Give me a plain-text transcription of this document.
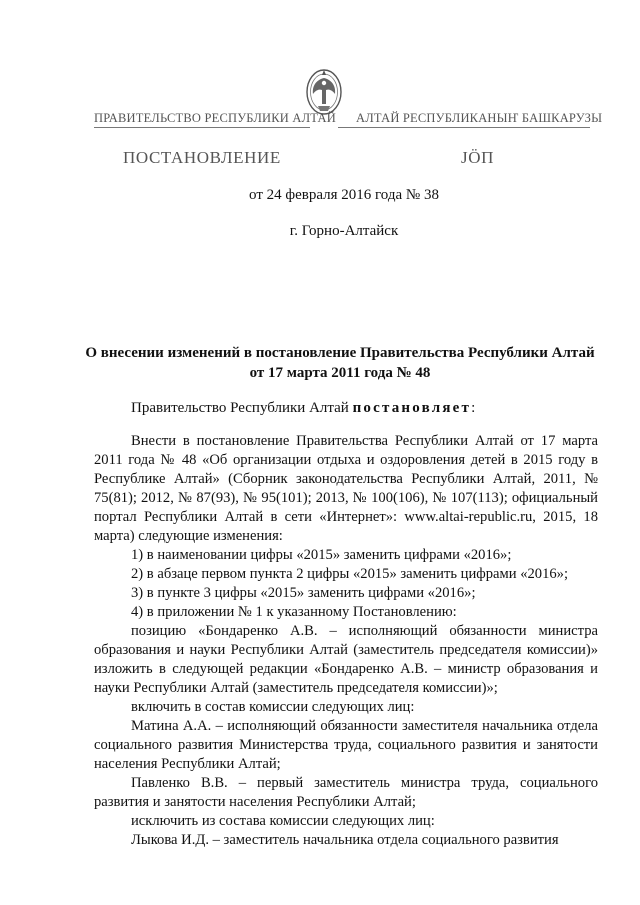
ПРАВИТЕЛЬСТВО РЕСПУБЛИКИ АЛТАЙ АЛТАЙ РЕСПУБЛИКАНЫҤ БАШКАРУЗЫ
ПОСТАНОВЛЕНИЕ	ЈÖП
от 24 февраля 2016 года № 38
г. Горно-Алтайск
О внесении изменений в постановление Правительства Республики Алтай от 17 марта 2011 года № 48
Правительство Республики Алтай постановляет:

Внести в постановление Правительства Республики Алтай от 17 марта 2011 года № 48 «Об организации отдыха и оздоровления детей в 2015 году в Республике Алтай» (Сборник законодательства Республики Алтай, 2011, № 75(81); 2012, № 87(93), № 95(101); 2013, № 100(106), № 107(113); официальный портал Республики Алтай в сети «Интернет»: www.altai-republic.ru, 2015, 18 марта) следующие изменения:

1) в наименовании цифры «2015» заменить цифрами «2016»;

2) в абзаце первом пункта 2 цифры «2015» заменить цифрами «2016»;

3) в пункте 3 цифры «2015» заменить цифрами «2016»;

4) в приложении № 1 к указанному Постановлению:

позицию «Бондаренко А.В. – исполняющий обязанности министра образования и науки Республики Алтай (заместитель председателя комиссии)» изложить в следующей редакции «Бондаренко А.В. – министр образования и науки Республики Алтай (заместитель председателя комиссии)»;

включить в состав комиссии следующих лиц:

Матина А.А. – исполняющий обязанности заместителя начальника отдела социального развития Министерства труда, социального развития и занятости населения Республики Алтай;

Павленко В.В. – первый заместитель министра труда, социального развития и занятости населения Республики Алтай;

исключить из состава комиссии следующих лиц:

Лыкова И.Д. – заместитель начальника отдела социального развития
